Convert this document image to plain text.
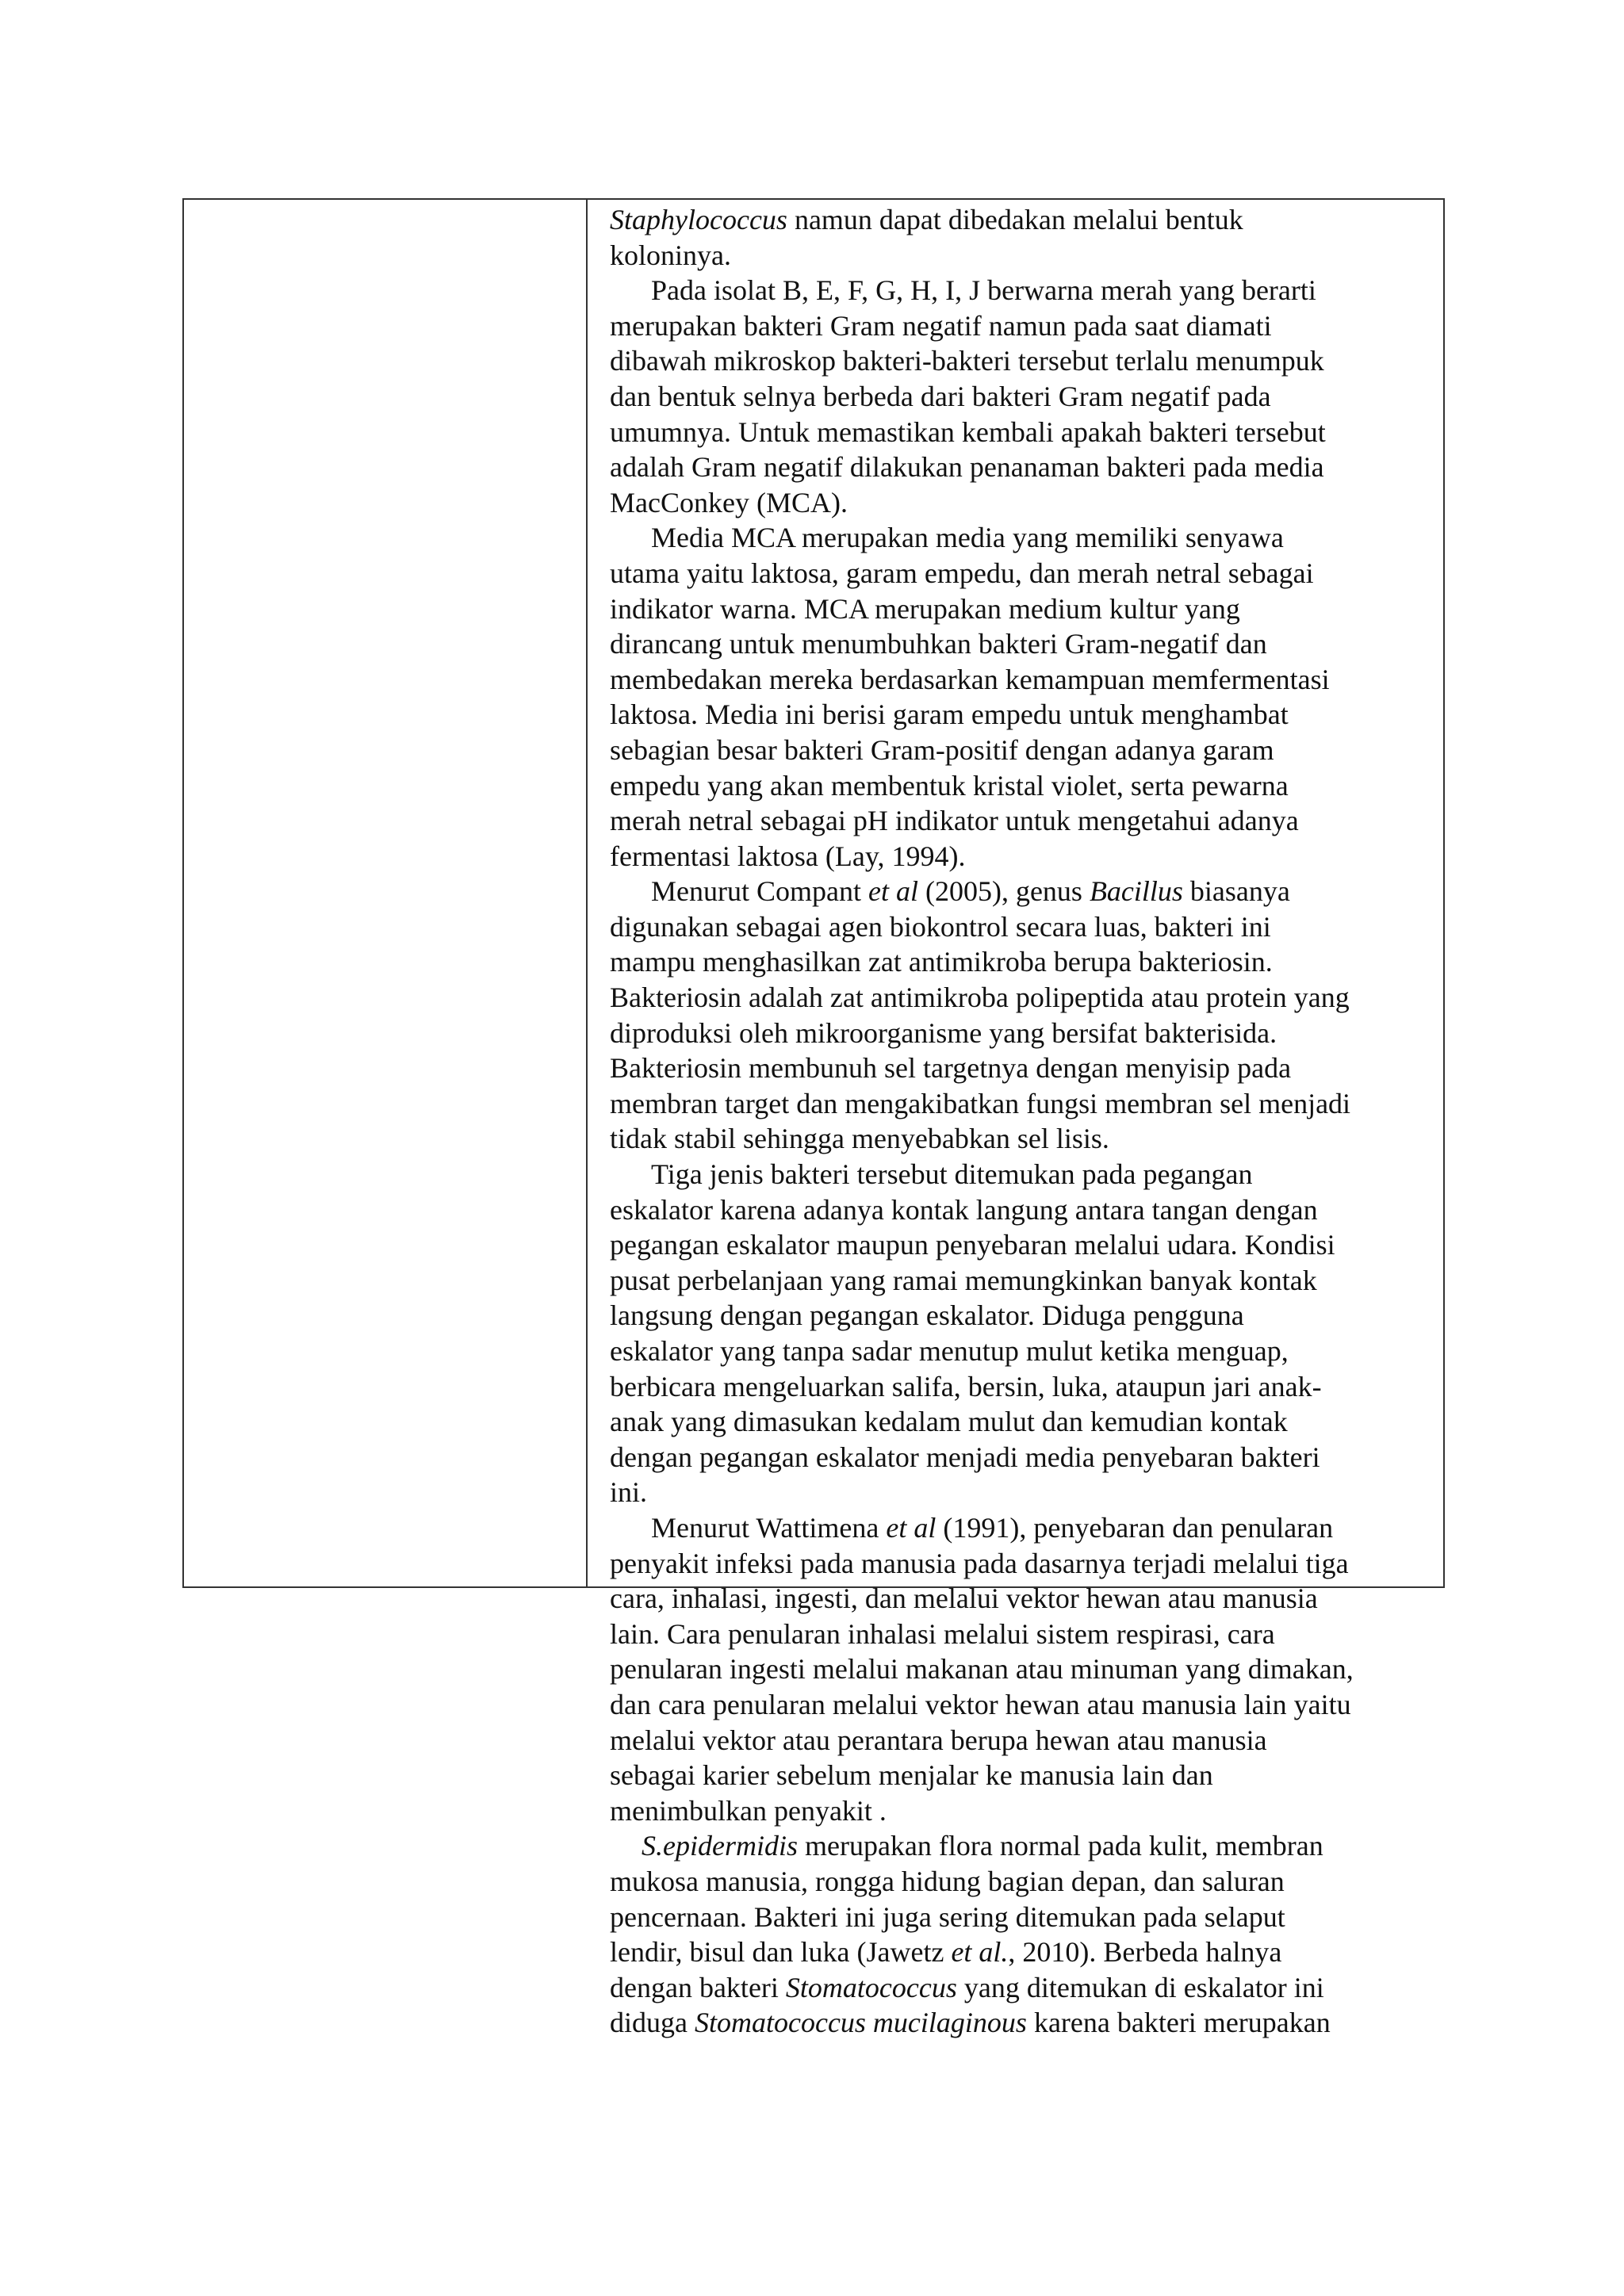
Staphylococcus namun dapat dibedakan melalui bentuk
koloninya.
Pada isolat B, E, F, G, H, I, J berwarna merah yang berarti
merupakan bakteri Gram negatif namun pada saat diamati
dibawah mikroskop bakteri-bakteri tersebut terlalu menumpuk
dan bentuk selnya berbeda dari bakteri Gram negatif pada
umumnya. Untuk memastikan kembali apakah bakteri tersebut
adalah Gram negatif dilakukan penanaman bakteri pada media
MacConkey (MCA).
Media MCA merupakan media yang memiliki senyawa
utama yaitu laktosa, garam empedu, dan merah netral sebagai
indikator warna. MCA merupakan medium kultur yang
dirancang untuk menumbuhkan bakteri Gram-negatif dan
membedakan mereka berdasarkan kemampuan memfermentasi
laktosa. Media ini berisi garam empedu untuk menghambat
sebagian besar bakteri Gram-positif dengan adanya garam
empedu yang akan membentuk kristal violet, serta pewarna
merah netral sebagai pH indikator untuk mengetahui adanya
fermentasi laktosa (Lay, 1994).
Menurut Compant et al (2005), genus Bacillus biasanya
digunakan sebagai agen biokontrol secara luas, bakteri ini
mampu menghasilkan zat antimikroba berupa bakteriosin.
Bakteriosin adalah zat antimikroba polipeptida atau protein yang
diproduksi oleh mikroorganisme yang bersifat bakterisida.
Bakteriosin membunuh sel targetnya dengan menyisip pada
membran target dan mengakibatkan fungsi membran sel menjadi
tidak stabil sehingga menyebabkan sel lisis.
Tiga jenis bakteri tersebut ditemukan pada pegangan
eskalator karena adanya kontak langung antara tangan dengan
pegangan eskalator maupun penyebaran melalui udara. Kondisi
pusat perbelanjaan yang ramai memungkinkan banyak kontak
langsung dengan pegangan eskalator. Diduga pengguna
eskalator yang tanpa sadar menutup mulut ketika menguap,
berbicara mengeluarkan salifa, bersin, luka, ataupun jari anak-
anak yang dimasukan kedalam mulut dan kemudian kontak
dengan pegangan eskalator menjadi media penyebaran bakteri
ini.
Menurut Wattimena et al (1991), penyebaran dan penularan
penyakit infeksi pada manusia pada dasarnya terjadi melalui tiga
cara, inhalasi, ingesti, dan melalui vektor hewan atau manusia
lain. Cara penularan inhalasi melalui sistem respirasi, cara
penularan ingesti melalui makanan atau minuman yang dimakan,
dan cara penularan melalui vektor hewan atau manusia lain yaitu
melalui vektor atau perantara berupa hewan atau manusia
sebagai karier sebelum menjalar ke manusia lain dan
menimbulkan penyakit .
S.epidermidis merupakan flora normal pada kulit, membran
mukosa manusia, rongga hidung bagian depan, dan saluran
pencernaan. Bakteri ini juga sering ditemukan pada selaput
lendir, bisul dan luka (Jawetz et al., 2010). Berbeda halnya
dengan bakteri Stomatococcus yang ditemukan di eskalator ini
diduga Stomatococcus mucilaginous karena bakteri merupakan
